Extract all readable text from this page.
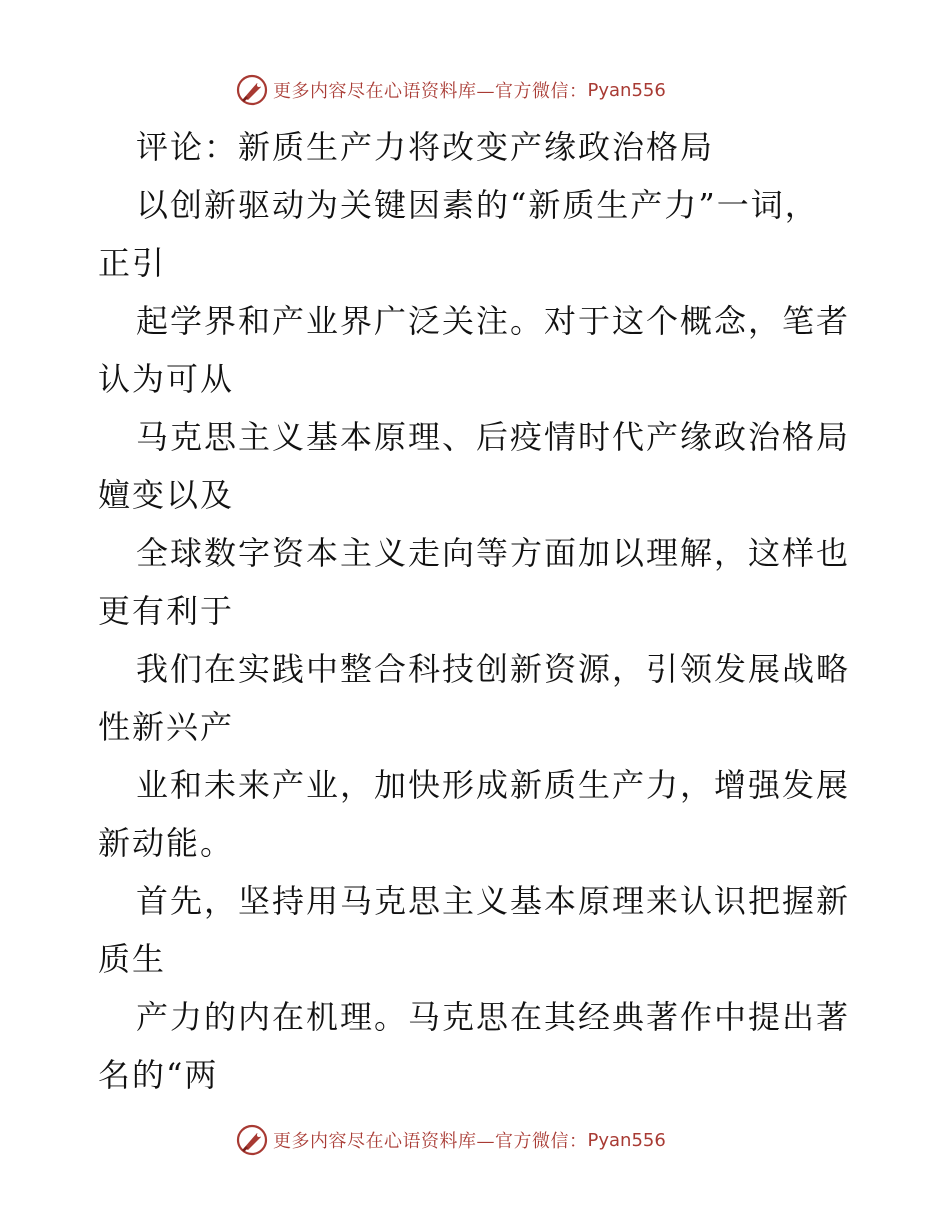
更多内容尽在心语资料库—官方微信： Pyan556
评论：新质生产力将改变产缘政治格局
以创新驱动为关键因素的“新质生产力”一词，
正引
起学界和产业界广泛关注。对于这个概念，笔者
认为可从
马克思主义基本原理、后疫情时代产缘政治格局
嬗变以及
全球数字资本主义走向等方面加以理解，这样也
更有利于
我们在实践中整合科技创新资源，引领发展战略
性新兴产
业和未来产业，加快形成新质生产力，增强发展
新动能。
首先，坚持用马克思主义基本原理来认识把握新
质生
产力的内在机理。马克思在其经典著作中提出著
名的“两
更多内容尽在心语资料库—官方微信： Pyan556
